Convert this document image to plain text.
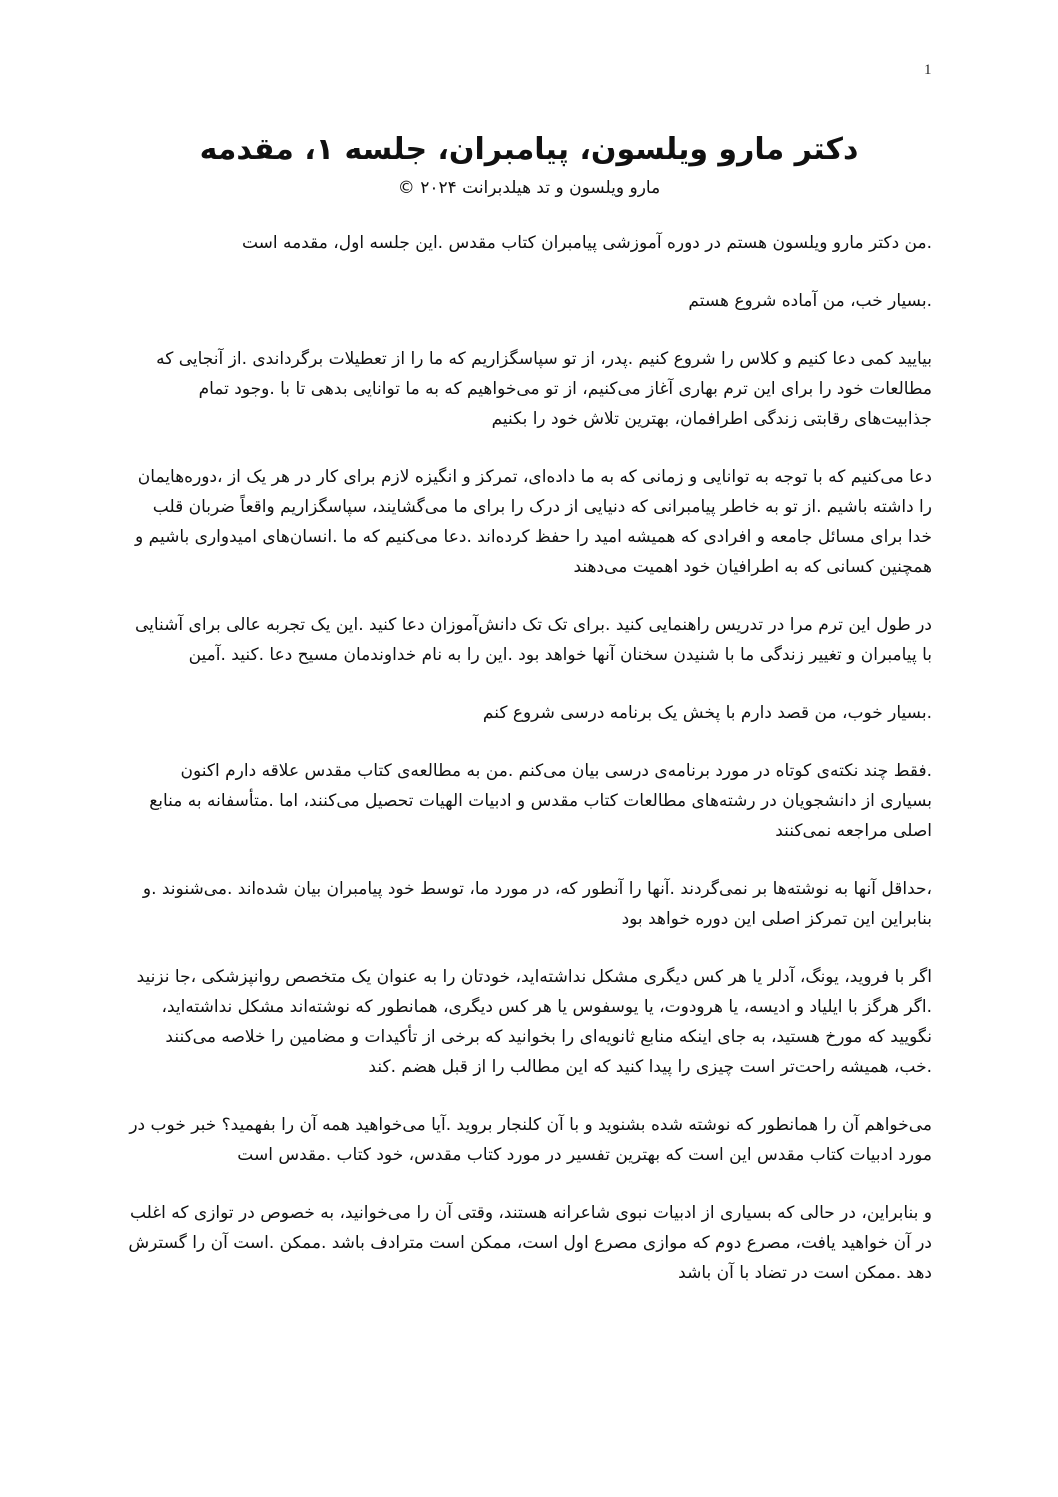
1
دکتر مارو ویلسون، پیامبران، جلسه ۱، مقدمه
مارو ویلسون و تد هیلدبرانت ۲۰۲۴ ©

.من دکتر مارو ویلسون هستم در دوره آموزشی پیامبران کتاب مقدس .این جلسه اول، مقدمه است

.بسیار خب، من آماده شروع هستم

بیایید کمی دعا کنیم و کلاس را شروع کنیم .پدر، از تو سپاسگزاریم که ما را از تعطیلات برگرداندی .از آنجایی که مطالعات خود را برای این ترم بهاری آغاز می‌کنیم، از تو می‌خواهیم که به ما توانایی بدهی تا با .وجود تمام جذابیت‌های رقابتی زندگی اطرافمان، بهترین تلاش خود را بکنیم

دعا می‌کنیم که با توجه به توانایی و زمانی که به ما داده‌ای، تمرکز و انگیزه لازم برای کار در هر یک از ،دوره‌هایمان را داشته باشیم .از تو به خاطر پیامبرانی که دنیایی از درک را برای ما می‌گشایند، سپاسگزاریم واقعاً ضربان قلب خدا برای مسائل جامعه و افرادی که همیشه امید را حفظ کرده‌اند .دعا می‌کنیم که ما .انسان‌های امیدواری باشیم و همچنین کسانی که به اطرافیان خود اهمیت می‌دهند

در طول این ترم مرا در تدریس راهنمایی کنید .برای تک تک دانش‌آموزان دعا کنید .این یک تجربه عالی برای آشنایی با پیامبران و تغییر زندگی ما با شنیدن سخنان آنها خواهد بود .این را به نام خداوندمان مسیح دعا .کنید .آمین

.بسیار خوب، من قصد دارم با پخش یک برنامه درسی شروع کنم

.فقط چند نکته‌ی کوتاه در مورد برنامه‌ی درسی بیان می‌کنم .من به مطالعه‌ی کتاب مقدس علاقه دارم اکنون بسیاری از دانشجویان در رشته‌های مطالعات کتاب مقدس و ادبیات الهیات تحصیل می‌کنند، اما .متأسفانه به منابع اصلی مراجعه نمی‌کنند

،حداقل آنها به نوشته‌ها بر نمی‌گردند .آنها را آنطور که، در مورد ما، توسط خود پیامبران بیان شده‌اند .می‌شنوند .و بنابراین این تمرکز اصلی این دوره خواهد بود

اگر با فروید، یونگ، آدلر یا هر کس دیگری مشکل نداشته‌اید، خودتان را به عنوان یک متخصص روانپزشکی ،جا نزنید .اگر هرگز با ایلیاد و ادیسه، یا هرودوت، یا یوسفوس یا هر کس دیگری، همانطور که نوشته‌اند مشکل نداشته‌اید، نگویید که مورخ هستید، به جای اینکه منابع ثانویه‌ای را بخوانید که برخی از تأکیدات و مضامین را خلاصه می‌کنند .خب، همیشه راحت‌تر است چیزی را پیدا کنید که این مطالب را از قبل هضم .کند

می‌خواهم آن را همانطور که نوشته شده بشنوید و با آن کلنجار بروید .آیا می‌خواهید همه آن را بفهمید؟ خبر خوب در مورد ادبیات کتاب مقدس این است که بهترین تفسیر در مورد کتاب مقدس، خود کتاب .مقدس است

و بنابراین، در حالی که بسیاری از ادبیات نبوی شاعرانه هستند، وقتی آن را می‌خوانید، به خصوص در توازی که اغلب در آن خواهید یافت، مصرع دوم که موازی مصرع اول است، ممکن است مترادف باشد .ممکن .است آن را گسترش دهد .ممکن است در تضاد با آن باشد
